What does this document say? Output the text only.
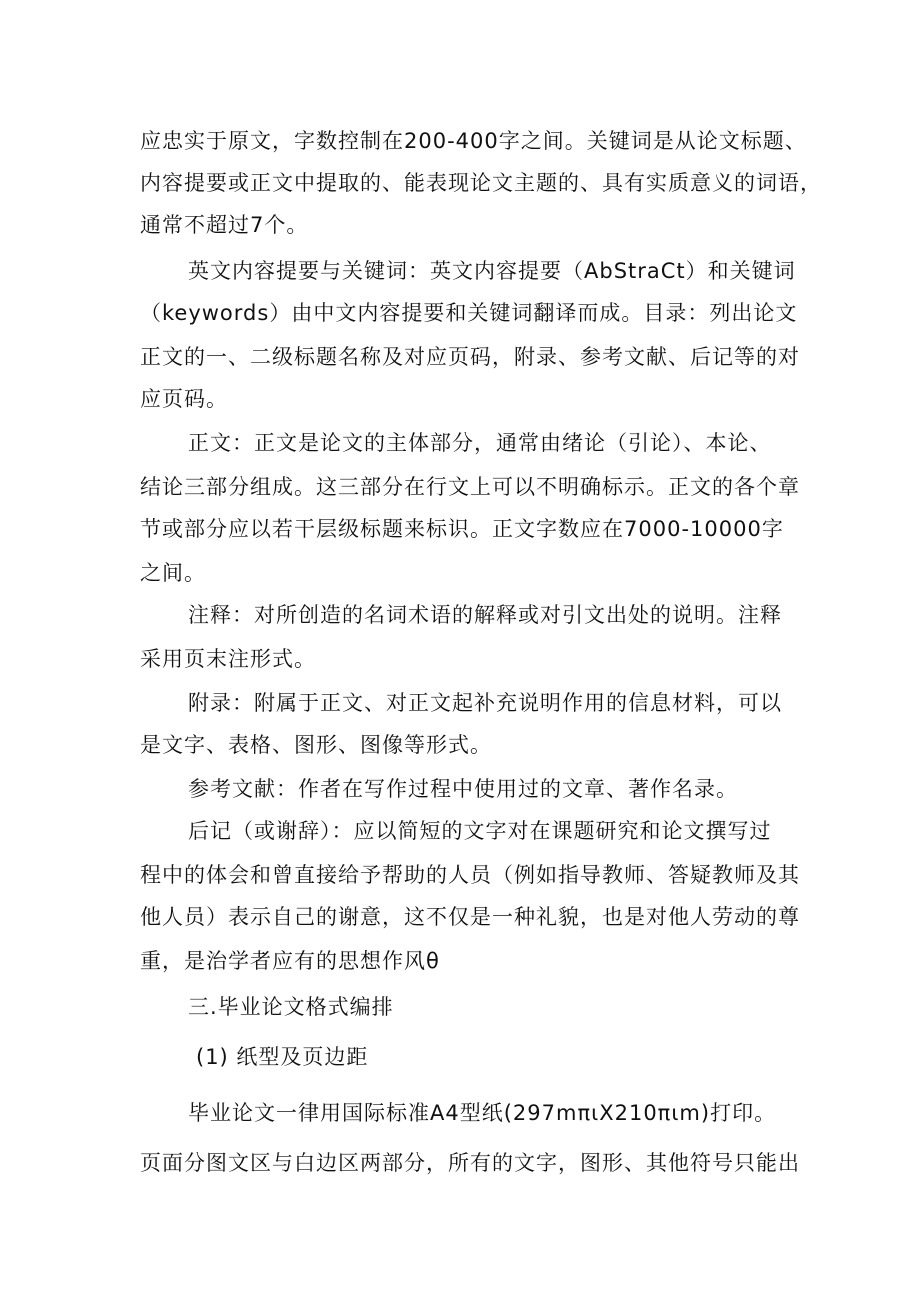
应忠实于原文，字数控制在200-400字之间。关键词是从论文标题、
内容提要或正文中提取的、能表现论文主题的、具有实质意义的词语，
通常不超过7个。
英文内容提要与关键词：英文内容提要（AbStraCt）和关键词
（keywords）由中文内容提要和关键词翻译而成。目录：列出论文
正文的一、二级标题名称及对应页码，附录、参考文献、后记等的对
应页码。
正文：正文是论文的主体部分，通常由绪论（引论）、本论、
结论三部分组成。这三部分在行文上可以不明确标示。正文的各个章
节或部分应以若干层级标题来标识。正文字数应在7000-10000字
之间。
注释：对所创造的名词术语的解释或对引文出处的说明。注释
采用页末注形式。
附录：附属于正文、对正文起补充说明作用的信息材料，可以
是文字、表格、图形、图像等形式。
参考文献：作者在写作过程中使用过的文章、著作名录。
后记（或谢辞）：应以简短的文字对在课题研究和论文撰写过
程中的体会和曾直接给予帮助的人员（例如指导教师、答疑教师及其
他人员）表示自己的谢意，这不仅是一种礼貌，也是对他人劳动的尊
重，是治学者应有的思想作风θ
三.毕业论文格式编排
(1) 纸型及页边距
毕业论文一律用国际标准A4型纸(297mπιX210πιm)打印。
页面分图文区与白边区两部分，所有的文字，图形、其他符号只能出
